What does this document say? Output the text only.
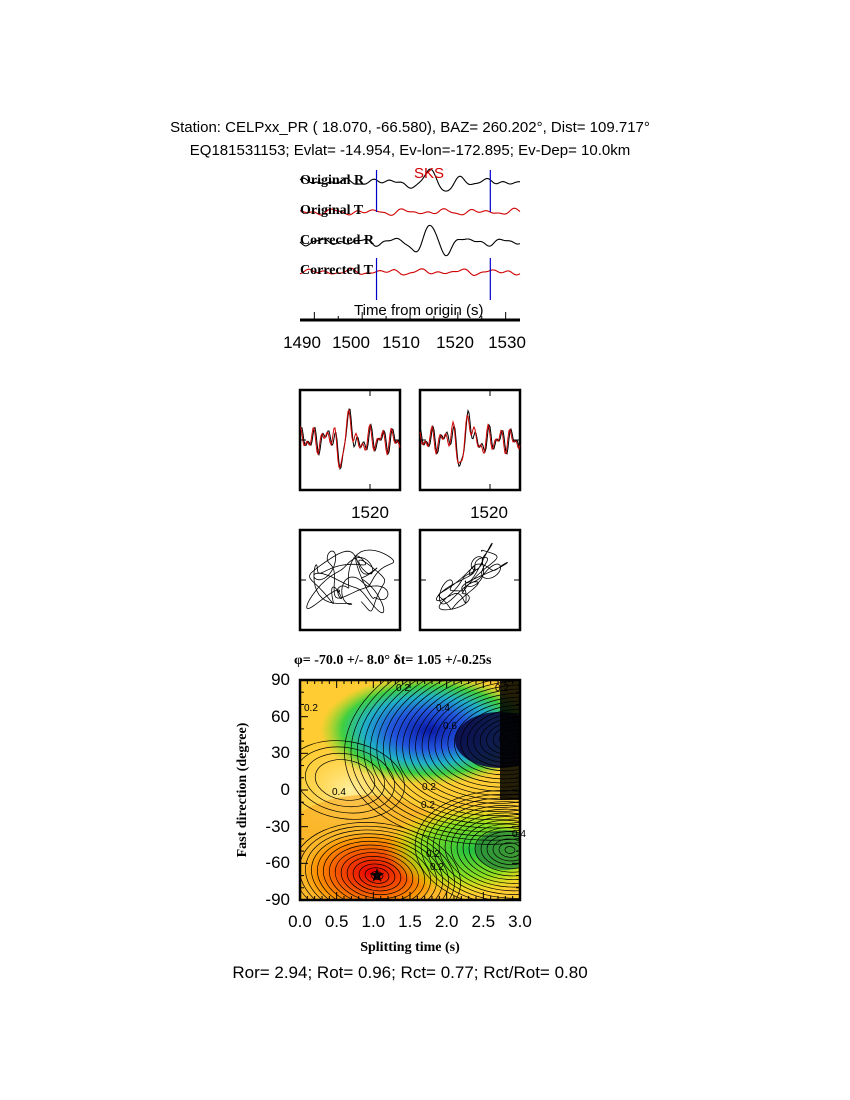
Station: CELPxx_PR ( 18.070, -66.580), BAZ= 260.202°, Dist= 109.717°
EQ181531153; Evlat= -14.954, Ev-lon=-172.895; Ev-Dep= 10.0km
0.2	0.2
0.4
0.6	0.8
0.2
0.4	0.2
0.2
0.2
0.2
0.4
Original R
Original T
Corrected R
Corrected T
SKS
Time from origin (s)
1490 1500 1510 1520 1530
1520	1520
φ= -70.0 +/- 8.0° δt= 1.05 +/-0.25s
Fast direction (degree)
Splitting time (s)
0.0 0.5 1.0 1.5 2.0 2.5 3.0
90
60
30
0
-30
-60
-90
Ror= 2.94; Rot= 0.96; Rct= 0.77; Rct/Rot= 0.80
